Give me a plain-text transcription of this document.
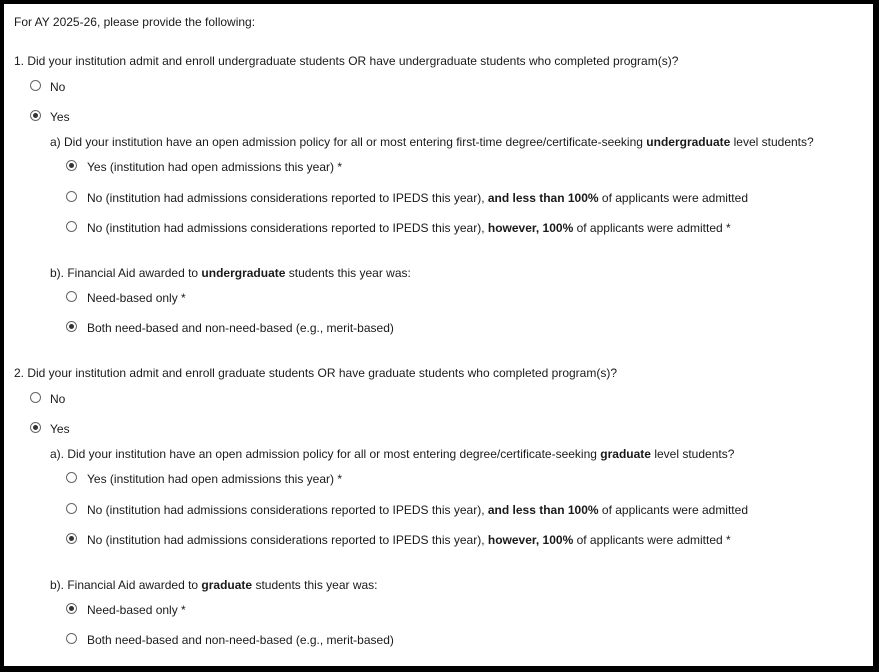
For AY 2025-26, please provide the following:
1. Did your institution admit and enroll undergraduate students OR have undergraduate students who completed program(s)?
No
Yes
a) Did your institution have an open admission policy for all or most entering first-time degree/certificate-seeking undergraduate level students?
Yes (institution had open admissions this year) *
No (institution had admissions considerations reported to IPEDS this year), and less than 100% of applicants were admitted
No (institution had admissions considerations reported to IPEDS this year), however, 100% of applicants were admitted *
b). Financial Aid awarded to undergraduate students this year was:
Need-based only *
Both need-based and non-need-based (e.g., merit-based)
2. Did your institution admit and enroll graduate students OR have graduate students who completed program(s)?
No
Yes
a). Did your institution have an open admission policy for all or most entering degree/certificate-seeking graduate level students?
Yes (institution had open admissions this year) *
No (institution had admissions considerations reported to IPEDS this year), and less than 100% of applicants were admitted
No (institution had admissions considerations reported to IPEDS this year), however, 100% of applicants were admitted *
b). Financial Aid awarded to graduate students this year was:
Need-based only *
Both need-based and non-need-based (e.g., merit-based)
